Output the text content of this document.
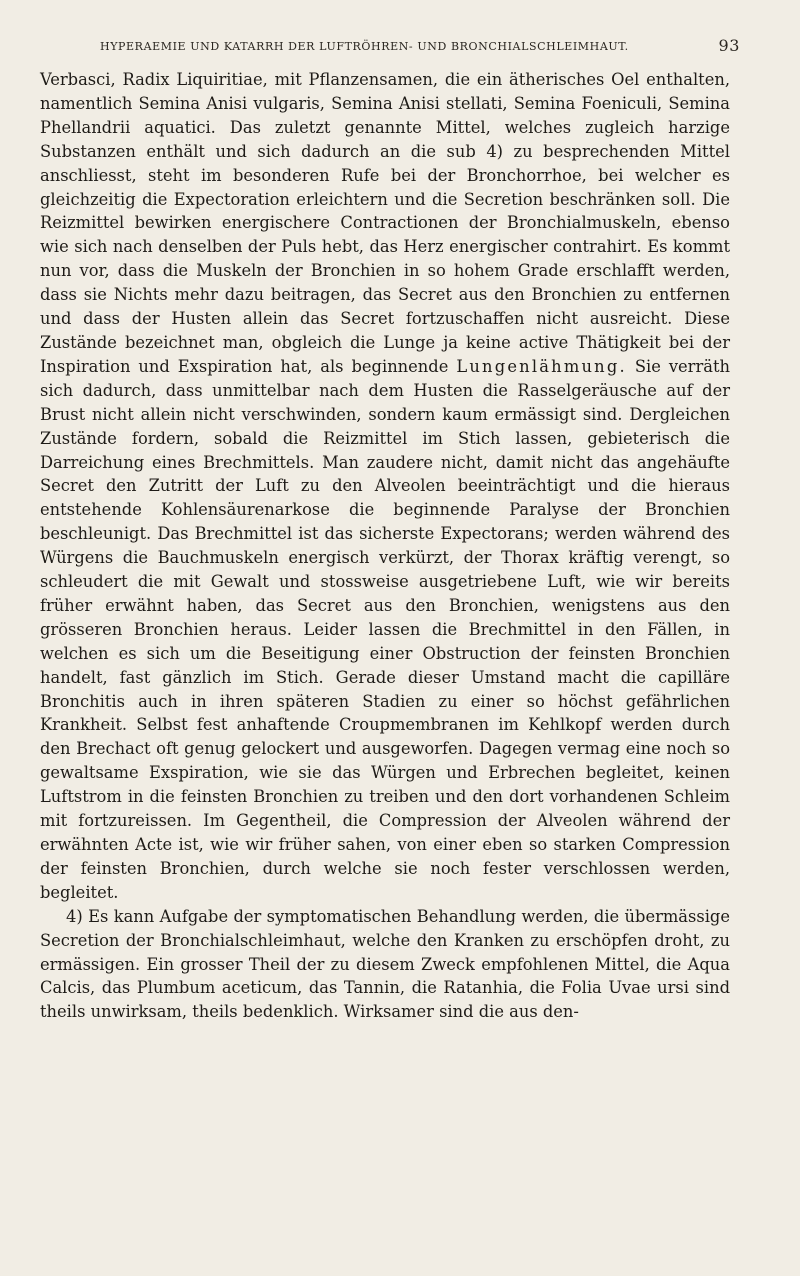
HYPERAEMIE UND KATARRH DER LUFTRÖHREN- UND BRONCHIALSCHLEIMHAUT.	93

Verbasci, Radix Liquiritiae, mit Pflanzensamen, die ein ätherisches Oel enthalten, namentlich Semina Anisi vulgaris, Semina Anisi stellati, Semina Foeniculi, Semina Phellandrii aquatici. Das zuletzt genannte Mittel, welches zugleich harzige Substanzen enthält und sich dadurch an die sub 4) zu besprechenden Mittel anschliesst, steht im besonderen Rufe bei der Bronchorrhoe, bei welcher es gleichzeitig die Expectoration erleichtern und die Secretion beschränken soll. Die Reizmittel bewirken energischere Contractionen der Bronchialmuskeln, ebenso wie sich nach denselben der Puls hebt, das Herz energischer contrahirt. Es kommt nun vor, dass die Muskeln der Bronchien in so hohem Grade erschlafft werden, dass sie Nichts mehr dazu beitragen, das Secret aus den Bronchien zu entfernen und dass der Husten allein das Secret fortzuschaffen nicht ausreicht. Diese Zustände bezeichnet man, obgleich die Lunge ja keine active Thätigkeit bei der Inspiration und Exspiration hat, als beginnende Lungenlähmung. Sie verräth sich dadurch, dass unmittelbar nach dem Husten die Rasselgeräusche auf der Brust nicht allein nicht verschwinden, sondern kaum ermässigt sind. Dergleichen Zustände fordern, sobald die Reizmittel im Stich lassen, gebieterisch die Darreichung eines Brechmittels. Man zaudere nicht, damit nicht das angehäufte Secret den Zutritt der Luft zu den Alveolen beeinträchtigt und die hieraus entstehende Kohlensäurenarkose die beginnende Paralyse der Bronchien beschleunigt. Das Brechmittel ist das sicherste Expectorans; werden während des Würgens die Bauchmuskeln energisch verkürzt, der Thorax kräftig verengt, so schleudert die mit Gewalt und stossweise ausgetriebene Luft, wie wir bereits früher erwähnt haben, das Secret aus den Bronchien, wenigstens aus den grösseren Bronchien heraus. Leider lassen die Brechmittel in den Fällen, in welchen es sich um die Beseitigung einer Obstruction der feinsten Bronchien handelt, fast gänzlich im Stich. Gerade dieser Umstand macht die capilläre Bronchitis auch in ihren späteren Stadien zu einer so höchst gefährlichen Krankheit. Selbst fest anhaftende Croupmembranen im Kehlkopf werden durch den Brechact oft genug gelockert und ausgeworfen. Dagegen vermag eine noch so gewaltsame Exspiration, wie sie das Würgen und Erbrechen begleitet, keinen Luftstrom in die feinsten Bronchien zu treiben und den dort vorhandenen Schleim mit fortzureissen. Im Gegentheil, die Compression der Alveolen während der erwähnten Acte ist, wie wir früher sahen, von einer eben so starken Compression der feinsten Bronchien, durch welche sie noch fester verschlossen werden, begleitet.

4) Es kann Aufgabe der symptomatischen Behandlung werden, die übermässige Secretion der Bronchialschleimhaut, welche den Kranken zu erschöpfen droht, zu ermässigen. Ein grosser Theil der zu diesem Zweck empfohlenen Mittel, die Aqua Calcis, das Plumbum aceticum, das Tannin, die Ratanhia, die Folia Uvae ursi sind theils unwirksam, theils bedenklich. Wirksamer sind die aus den-
